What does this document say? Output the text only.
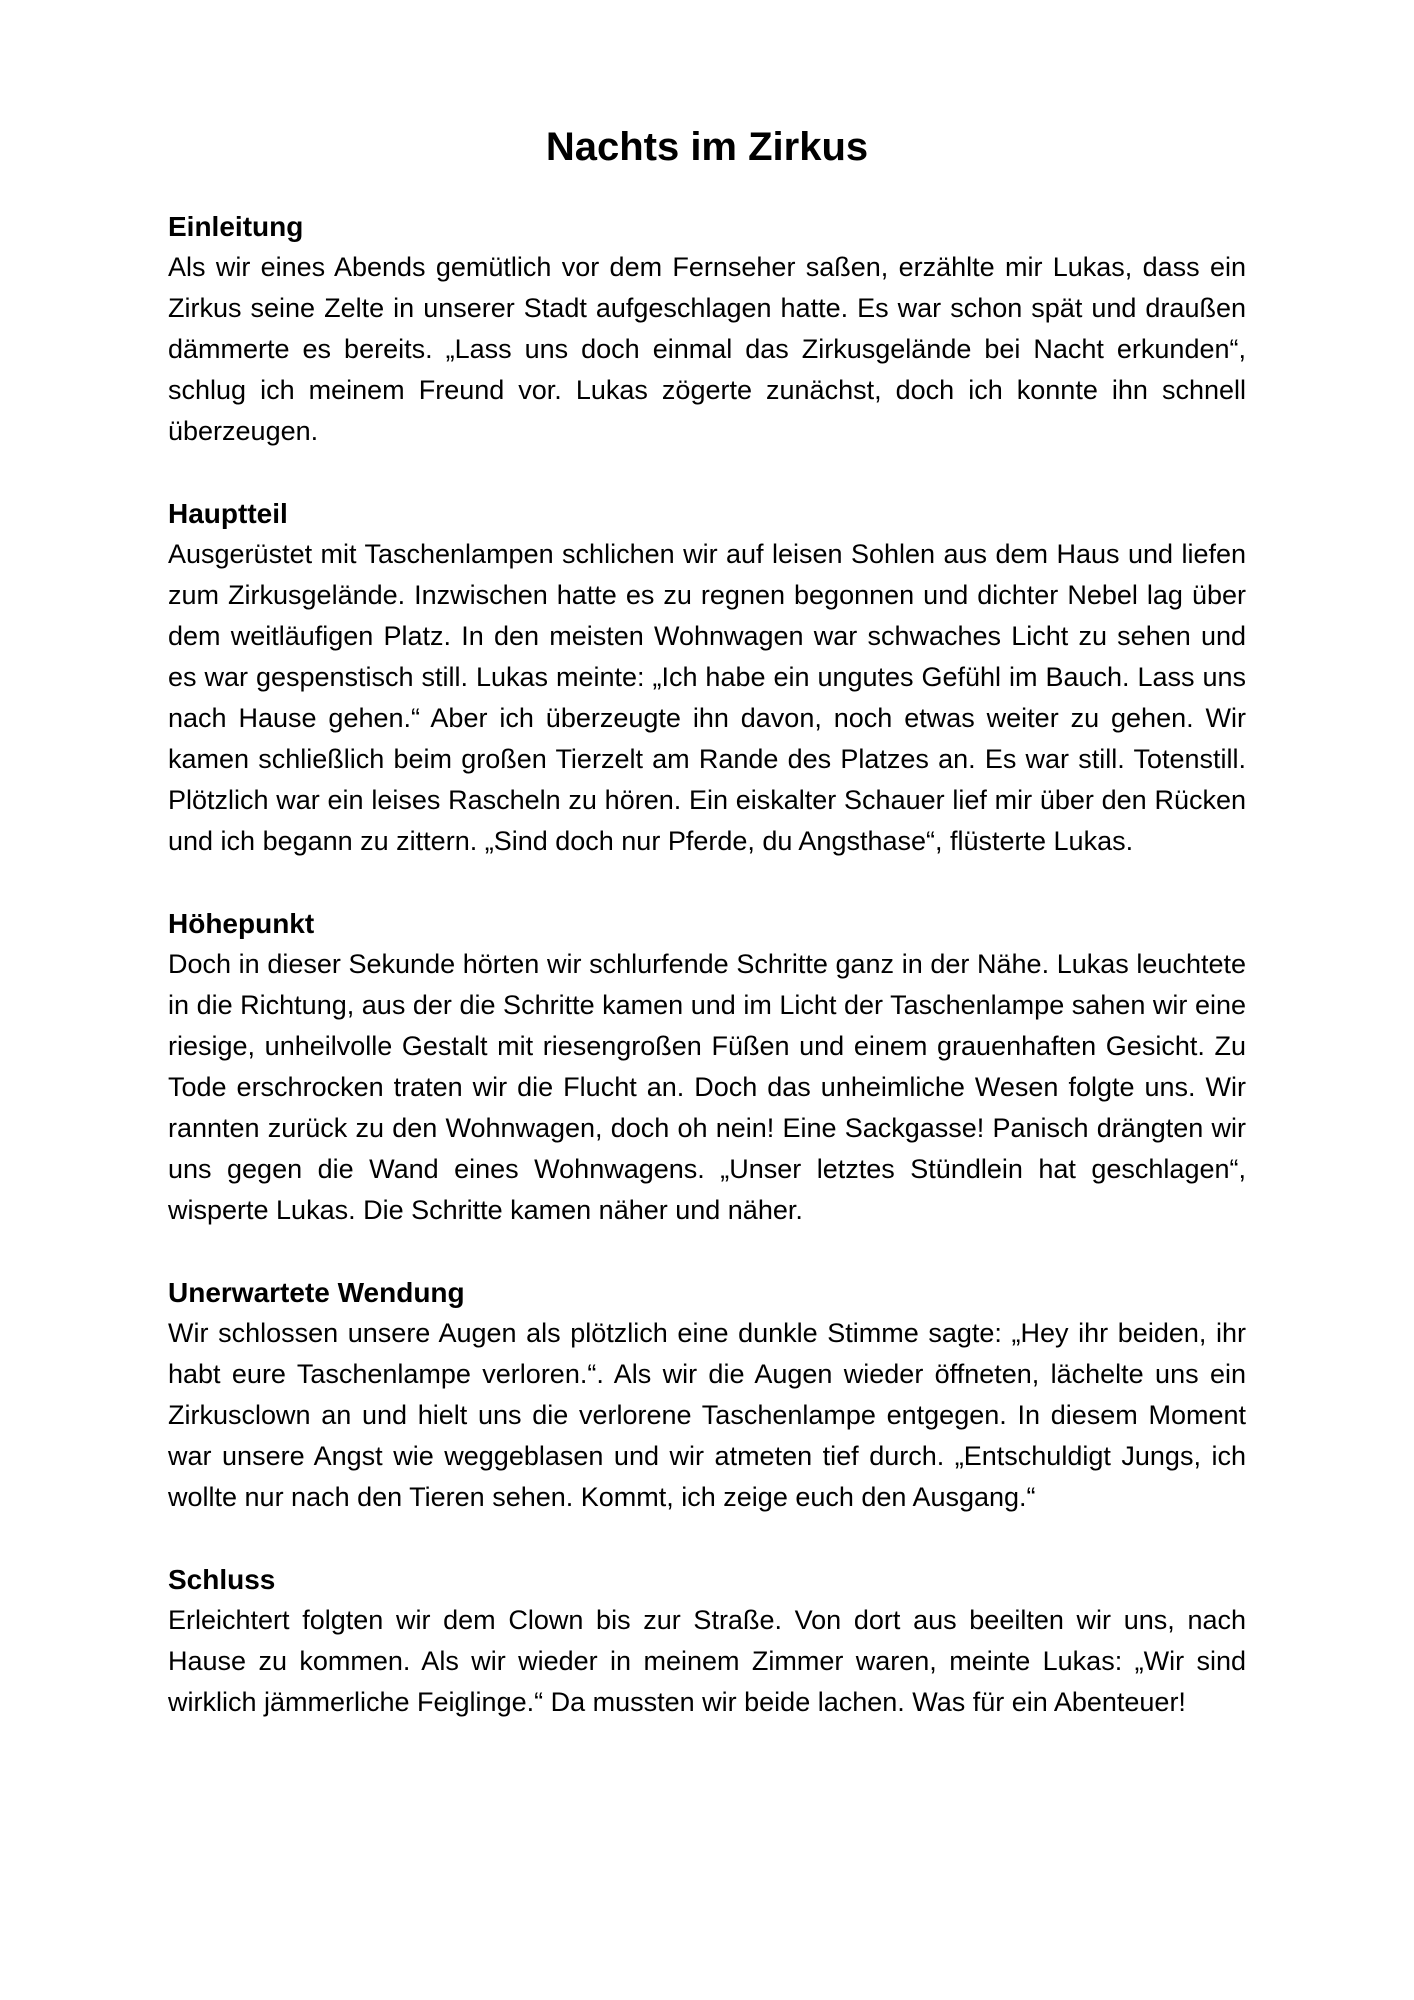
Nachts im Zirkus

Einleitung

Als wir eines Abends gemütlich vor dem Fernseher saßen, erzählte mir Lukas, dass ein Zirkus seine Zelte in unserer Stadt aufgeschlagen hatte. Es war schon spät und draußen dämmerte es bereits. „Lass uns doch einmal das Zirkusgelände bei Nacht erkunden“, schlug ich meinem Freund vor. Lukas zögerte zunächst, doch ich konnte ihn schnell überzeugen.

Hauptteil

Ausgerüstet mit Taschenlampen schlichen wir auf leisen Sohlen aus dem Haus und liefen zum Zirkusgelände. Inzwischen hatte es zu regnen begonnen und dichter Nebel lag über dem weitläufigen Platz. In den meisten Wohnwagen war schwaches Licht zu sehen und es war gespenstisch still. Lukas meinte: „Ich habe ein ungutes Gefühl im Bauch. Lass uns nach Hause gehen.“ Aber ich überzeugte ihn davon, noch etwas weiter zu gehen. Wir kamen schließlich beim großen Tierzelt am Rande des Platzes an. Es war still. Totenstill. Plötzlich war ein leises Rascheln zu hören. Ein eiskalter Schauer lief mir über den Rücken und ich begann zu zittern. „Sind doch nur Pferde, du Angsthase“, flüsterte Lukas.

Höhepunkt

Doch in dieser Sekunde hörten wir schlurfende Schritte ganz in der Nähe. Lukas leuchtete in die Richtung, aus der die Schritte kamen und im Licht der Taschenlampe sahen wir eine riesige, unheilvolle Gestalt mit riesengroßen Füßen und einem grauenhaften Gesicht. Zu Tode erschrocken traten wir die Flucht an. Doch das unheimliche Wesen folgte uns. Wir rannten zurück zu den Wohnwagen, doch oh nein! Eine Sackgasse! Panisch drängten wir uns gegen die Wand eines Wohnwagens. „Unser letztes Stündlein hat geschlagen“, wisperte Lukas. Die Schritte kamen näher und näher.

Unerwartete Wendung

Wir schlossen unsere Augen als plötzlich eine dunkle Stimme sagte: „Hey ihr beiden, ihr habt eure Taschenlampe verloren.“. Als wir die Augen wieder öffneten, lächelte uns ein Zirkusclown an und hielt uns die verlorene Taschenlampe entgegen. In diesem Moment war unsere Angst wie weggeblasen und wir atmeten tief durch. „Entschuldigt Jungs, ich wollte nur nach den Tieren sehen. Kommt, ich zeige euch den Ausgang.“

Schluss

Erleichtert folgten wir dem Clown bis zur Straße. Von dort aus beeilten wir uns, nach Hause zu kommen. Als wir wieder in meinem Zimmer waren, meinte Lukas: „Wir sind wirklich jämmerliche Feiglinge.“ Da mussten wir beide lachen. Was für ein Abenteuer!
